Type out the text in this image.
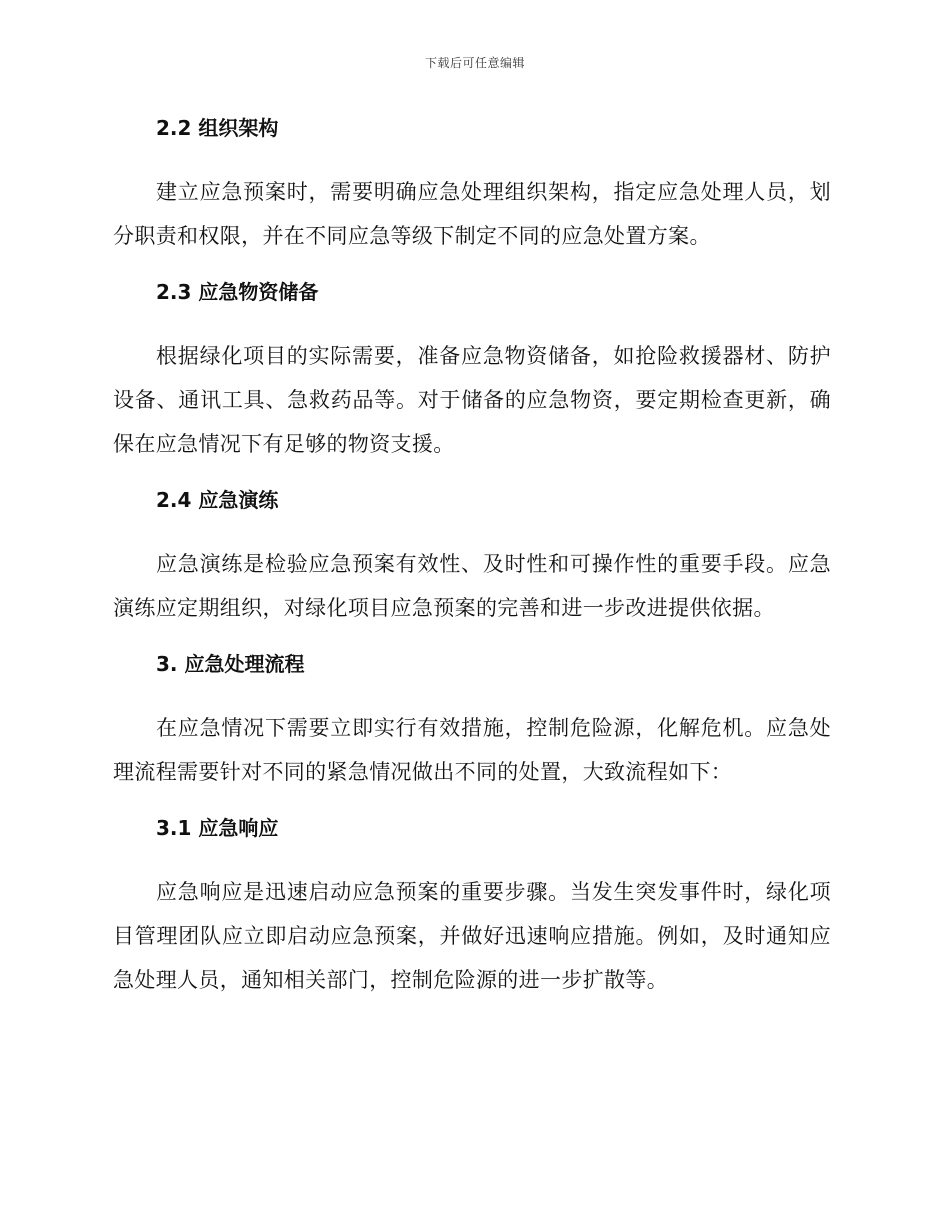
下载后可任意编辑
2.2 组织架构

建立应急预案时，需要明确应急处理组织架构，指定应急处理人员，划分职责和权限，并在不同应急等级下制定不同的应急处置方案。

2.3 应急物资储备

根据绿化项目的实际需要，准备应急物资储备，如抢险救援器材、防护设备、通讯工具、急救药品等。对于储备的应急物资，要定期检查更新，确保在应急情况下有足够的物资支援。

2.4 应急演练

应急演练是检验应急预案有效性、及时性和可操作性的重要手段。应急演练应定期组织，对绿化项目应急预案的完善和进一步改进提供依据。

3. 应急处理流程

在应急情况下需要立即实行有效措施，控制危险源，化解危机。应急处理流程需要针对不同的紧急情况做出不同的处置，大致流程如下：

3.1 应急响应

应急响应是迅速启动应急预案的重要步骤。当发生突发事件时，绿化项目管理团队应立即启动应急预案，并做好迅速响应措施。例如，及时通知应急处理人员，通知相关部门，控制危险源的进一步扩散等。
